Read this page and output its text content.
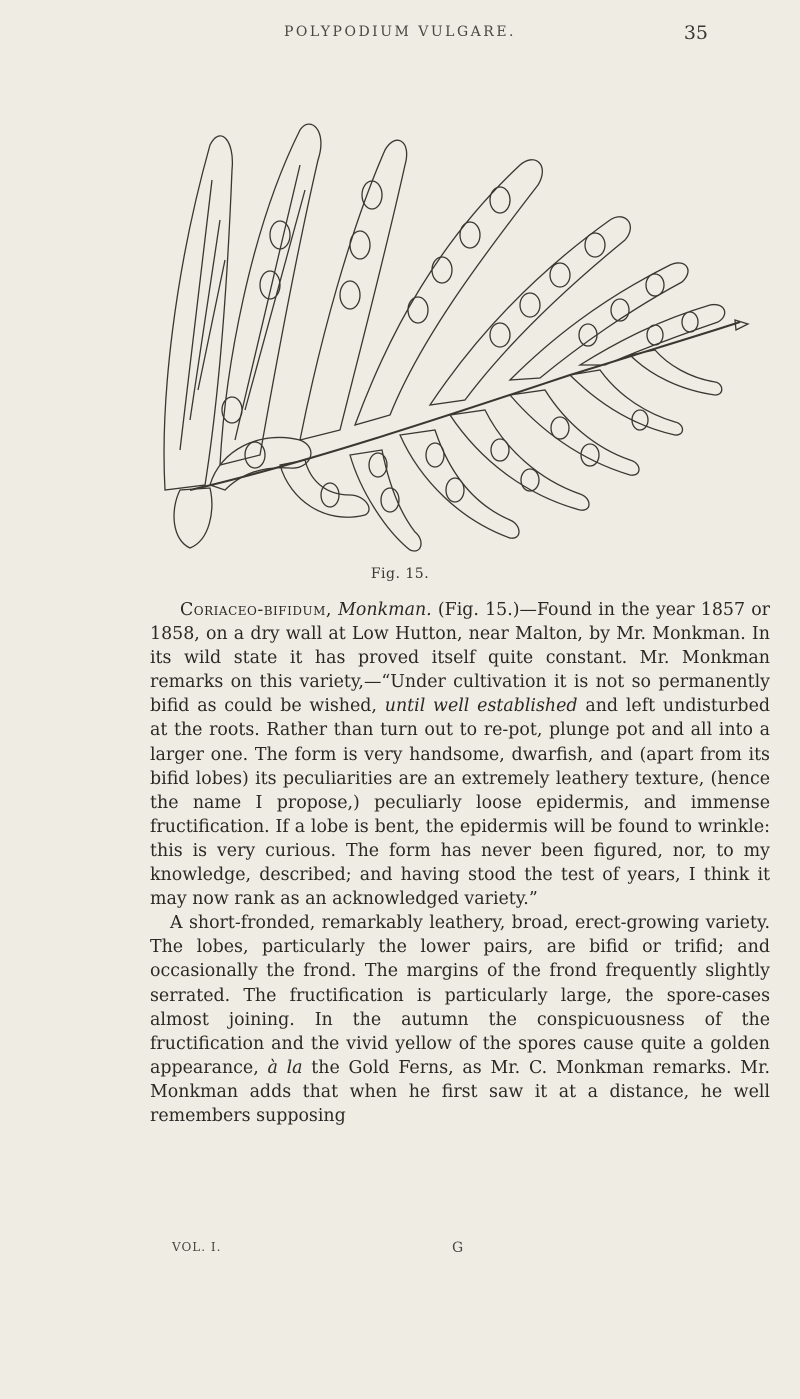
POLYPODIUM VULGARE.	35
Fig. 15.

Coriaceo-bifidum, Monkman. (Fig. 15.)—Found in the year 1857 or 1858, on a dry wall at Low Hutton, near Malton, by Mr. Monkman. In its wild state it has proved itself quite constant. Mr. Monkman remarks on this variety,—“Under cultivation it is not so permanently bifid as could be wished, until well established and left undisturbed at the roots. Rather than turn out to re-pot, plunge pot and all into a larger one. The form is very handsome, dwarfish, and (apart from its bifid lobes) its peculiarities are an extremely leathery texture, (hence the name I propose,) peculiarly loose epidermis, and immense fructification. If a lobe is bent, the epidermis will be found to wrinkle: this is very curious. The form has never been figured, nor, to my knowledge, described; and having stood the test of years, I think it may now rank as an acknowledged variety.”

A short-fronded, remarkably leathery, broad, erect-growing variety. The lobes, particularly the lower pairs, are bifid or trifid; and occasionally the frond. The margins of the frond frequently slightly serrated. The fructification is particularly large, the spore-cases almost joining. In the autumn the conspicuousness of the fructification and the vivid yellow of the spores cause quite a golden appearance, à la the Gold Ferns, as Mr. C. Monkman remarks. Mr. Monkman adds that when he first saw it at a distance, he well remembers supposing

VOL. I.	G
